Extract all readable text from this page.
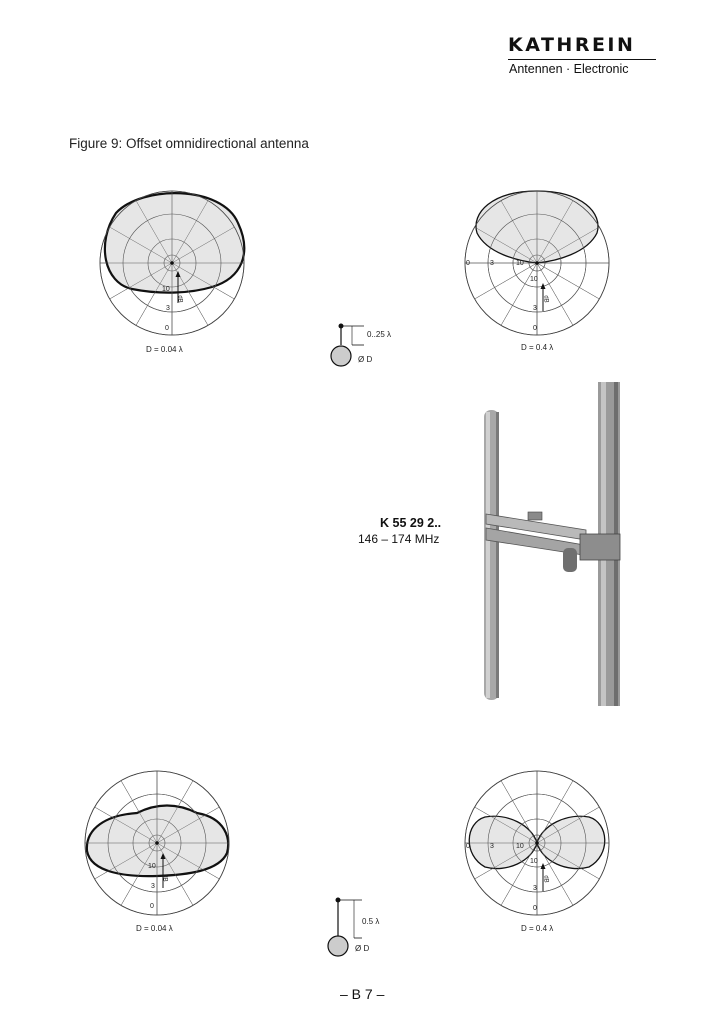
KATHREIN
Antennen · Electronic
Figure 9: Offset omnidirectional antenna
D = 0.04 λ
10
3
0
dB
D = 0.4 λ
0	3	10
10
3
0
dB
D = 0.04 λ
10
3
0
dB
D = 0.4 λ
0	3	10
10
3
0
dB
0..25 λ
Ø D
0.5 λ
Ø D
K 55 29 2..
146 – 174 MHz
– B 7 –
